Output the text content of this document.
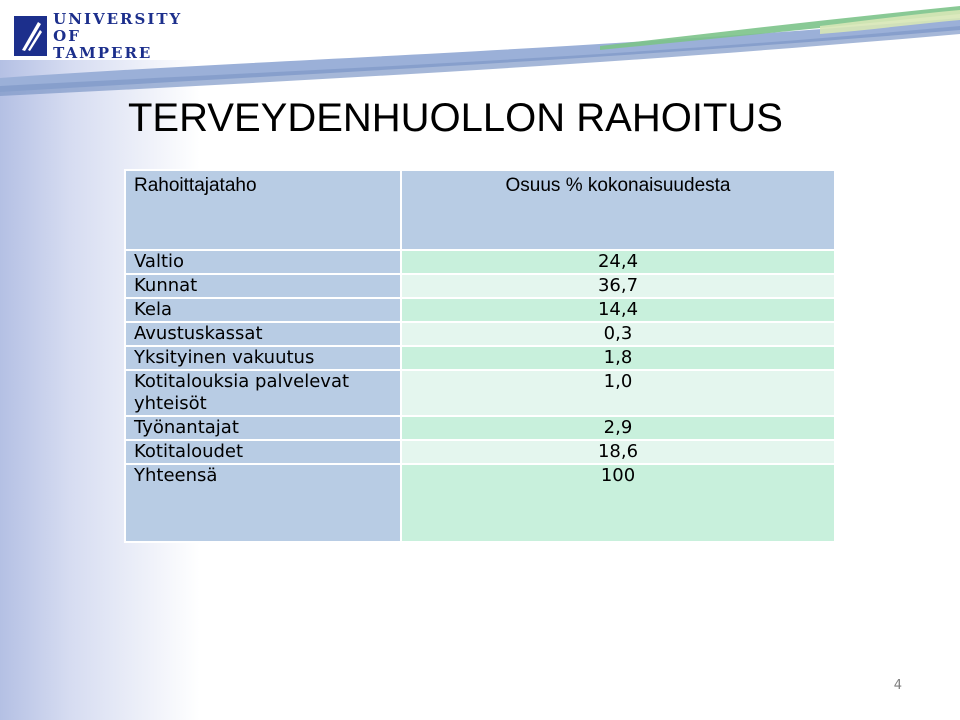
UNIVERSITY
OF TAMPERE
TERVEYDENHUOLLON RAHOITUS
Rahoittajataho	Osuus % kokonaisuudesta
Valtio	24,4
Kunnat	36,7
Kela	14,4
Avustuskassat	0,3
Yksityinen vakuutus	1,8
Kotitalouksia palvelevat yhteisöt	1,0
Työnantajat	2,9
Kotitaloudet	18,6
Yhteensä	100
4
